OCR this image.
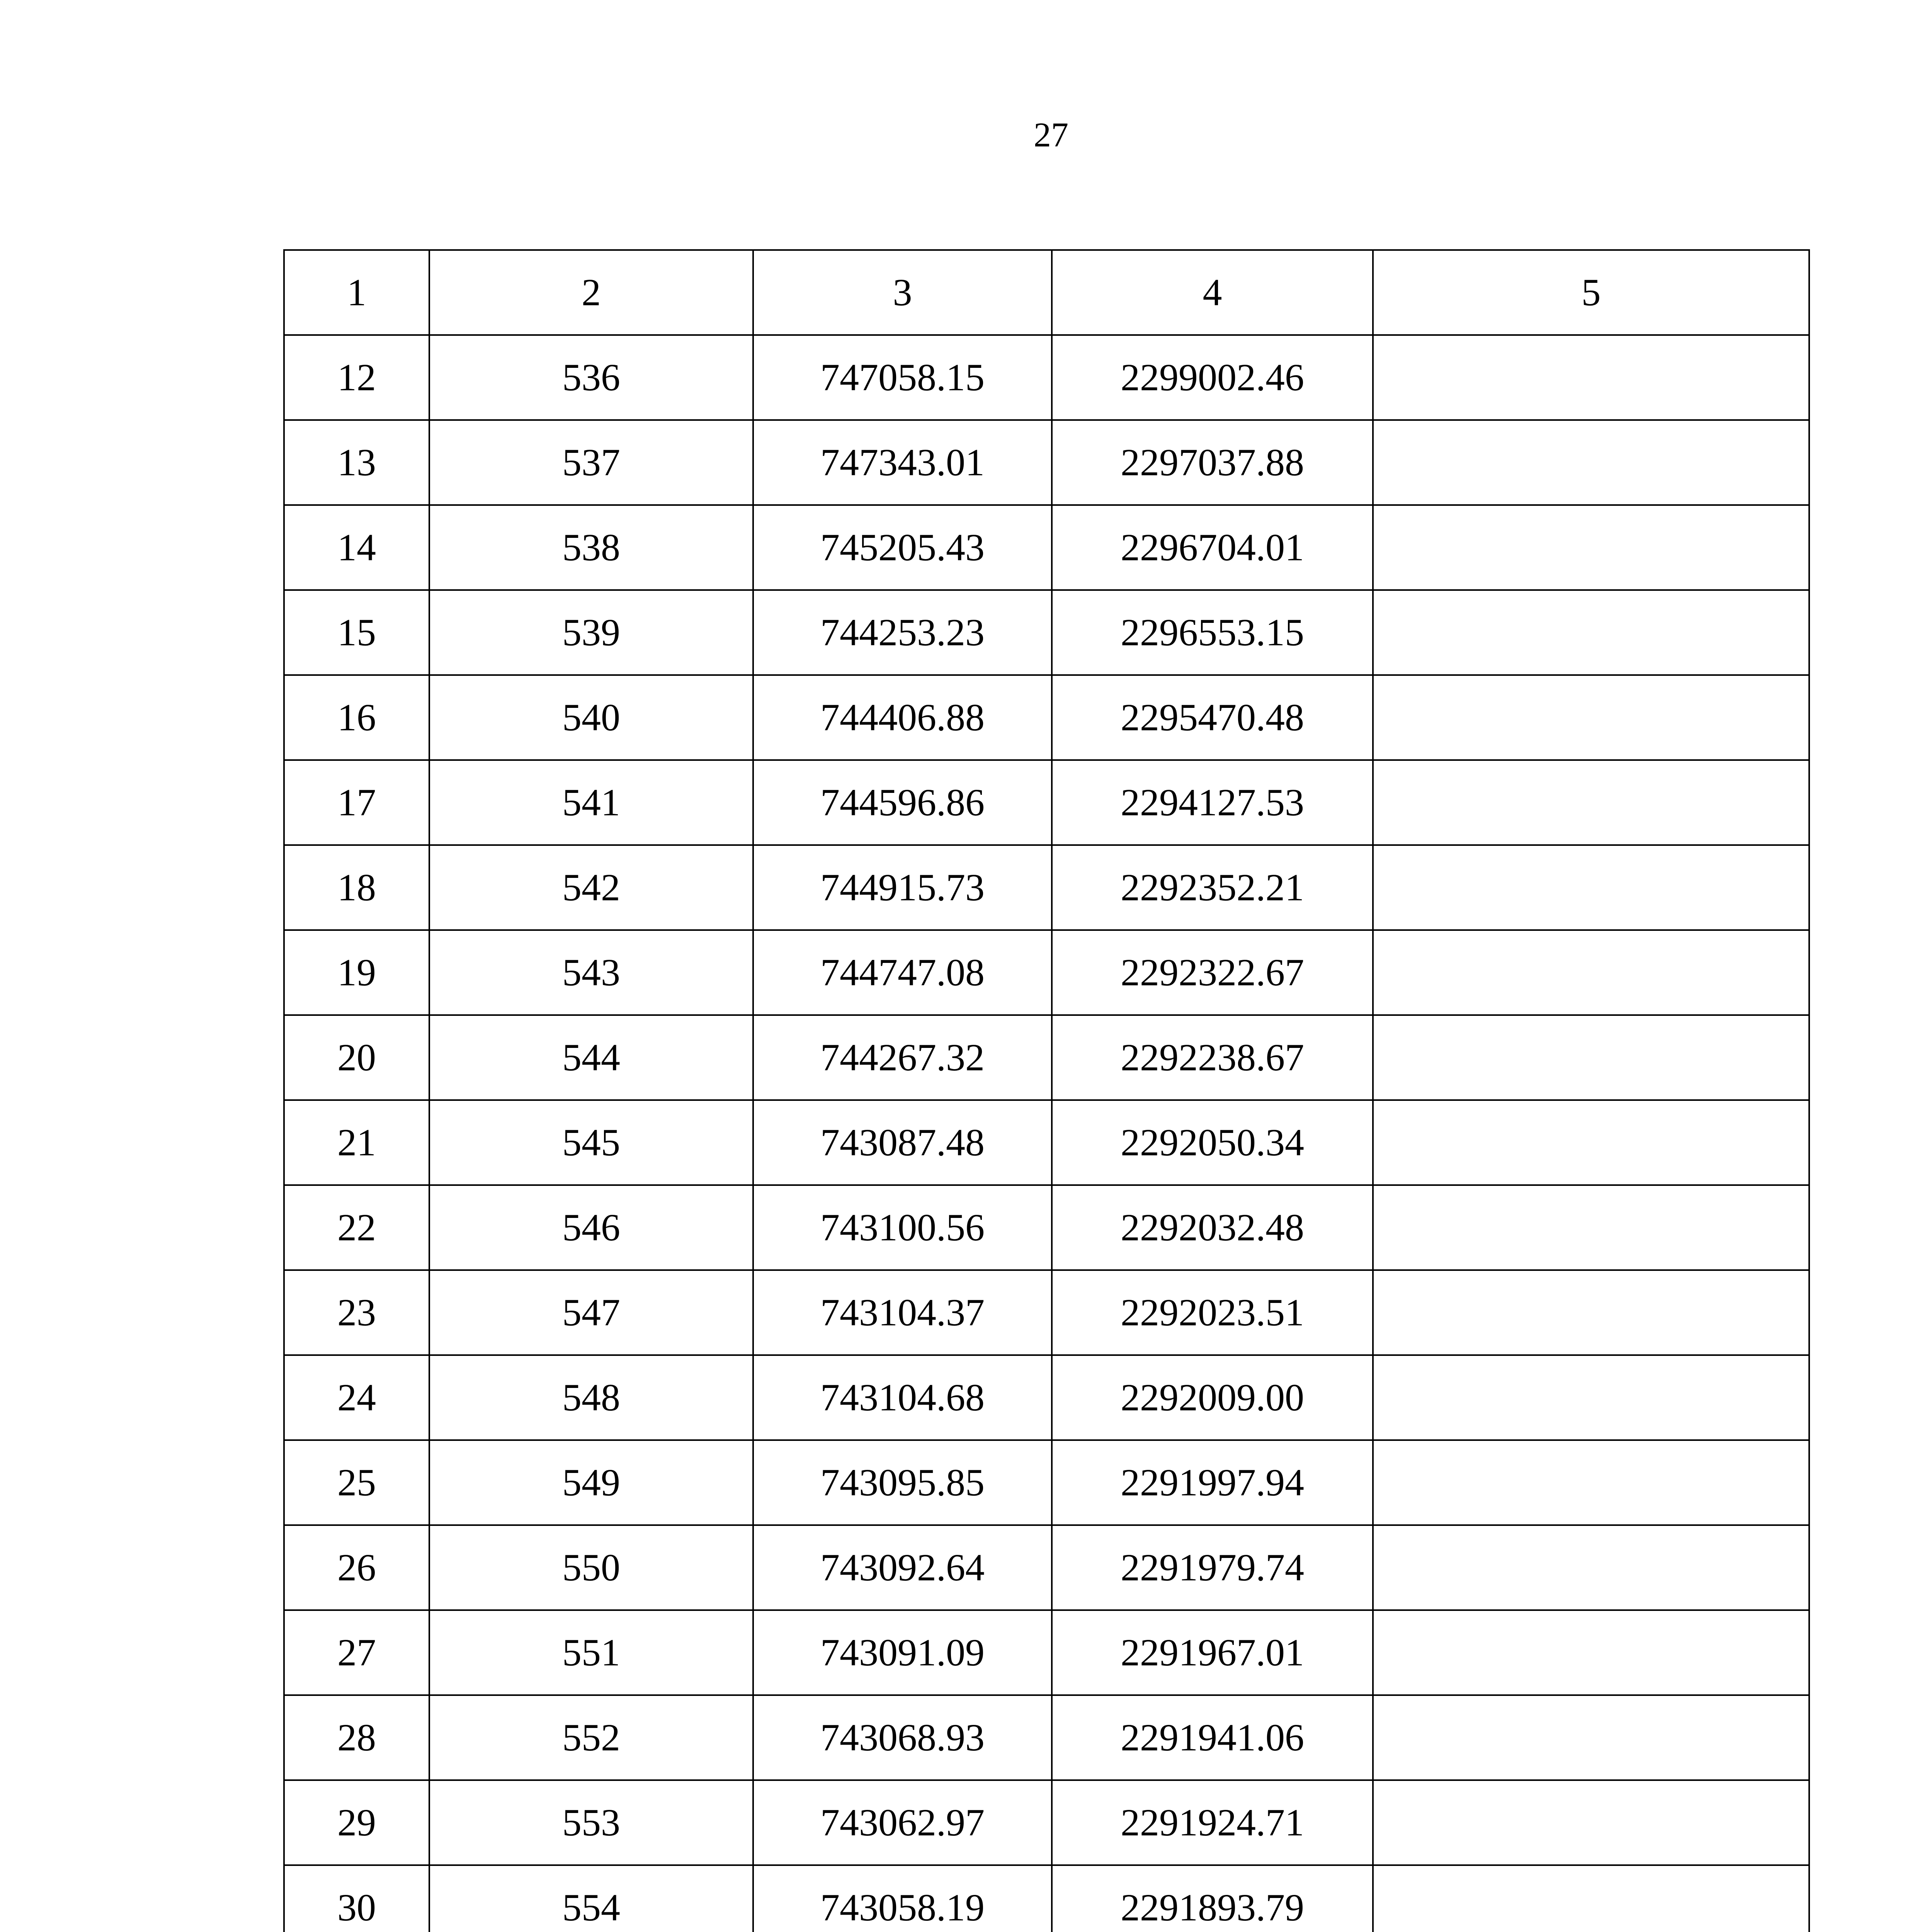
27
1	2	3	4	5
12	536	747058.15	2299002.46	
13	537	747343.01	2297037.88	
14	538	745205.43	2296704.01	
15	539	744253.23	2296553.15	
16	540	744406.88	2295470.48	
17	541	744596.86	2294127.53	
18	542	744915.73	2292352.21	
19	543	744747.08	2292322.67	
20	544	744267.32	2292238.67	
21	545	743087.48	2292050.34	
22	546	743100.56	2292032.48	
23	547	743104.37	2292023.51	
24	548	743104.68	2292009.00	
25	549	743095.85	2291997.94	
26	550	743092.64	2291979.74	
27	551	743091.09	2291967.01	
28	552	743068.93	2291941.06	
29	553	743062.97	2291924.71	
30	554	743058.19	2291893.79	
